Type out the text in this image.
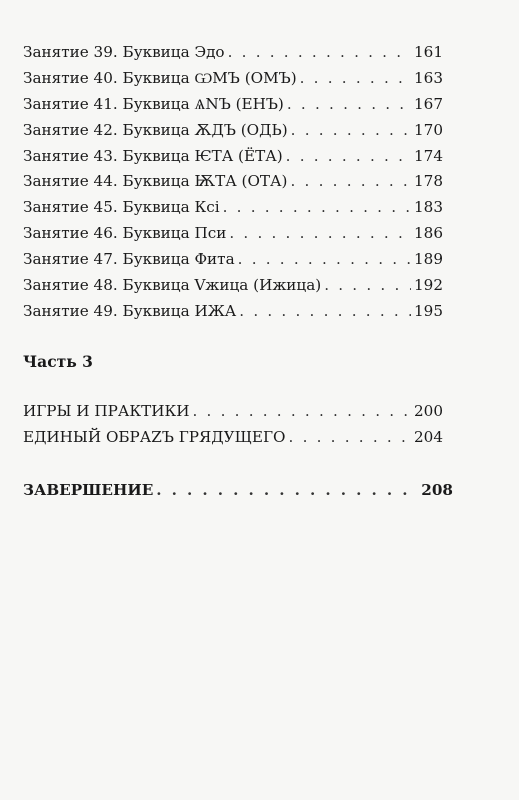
Занятие 39. Буквица Эдо . . .	161
Занятие 40. Буквица ѠМЪ (ОМЪ) . . .	163
Занятие 41. Буквица ѦNЪ (ЕНЪ) . . .	167
Занятие 42. Буквица ѪДЪ (ОДЬ) . . .	170
Занятие 43. Буквица ѤТА (ЁТА) . . .	174
Занятие 44. Буквица ѬТА (ОТА) . . .	178
Занятие 45. Буквица Ксі . . .	183
Занятие 46. Буквица Пси . . .	186
Занятие 47. Буквица Фита . . .	189
Занятие 48. Буквица Vжица (Ижица) . . .	192
Занятие 49. Буквица ИЖА . . .	195
Часть 3
ИГРЫ И ПРАКТИКИ . . .	200
ЕДИНЫЙ ОБРАΖЪ ГРЯДУЩЕГО . . .	204
ЗАВЕРШЕНИЕ . . .	208
